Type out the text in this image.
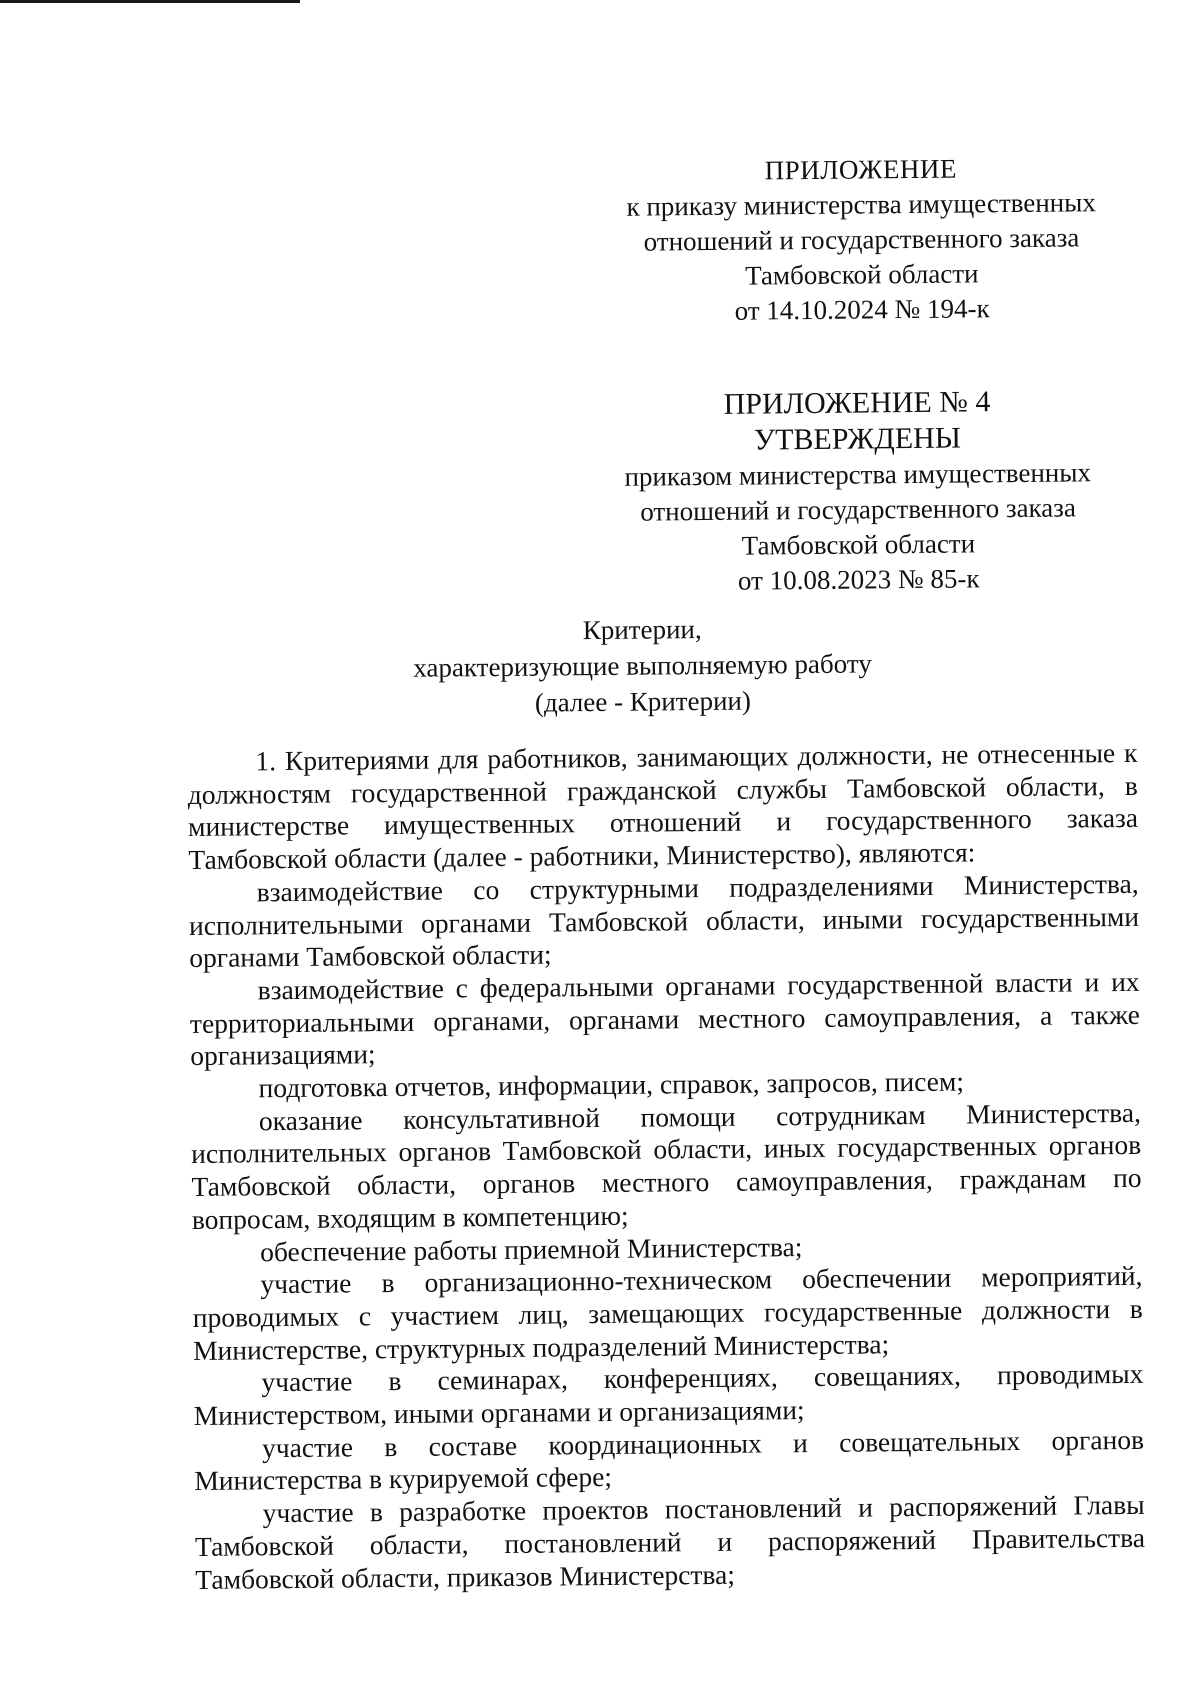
ПРИЛОЖЕНИЕ
к приказу министерства имущественных
отношений и государственного заказа
Тамбовской области
от 14.10.2024 № 194-к
ПРИЛОЖЕНИЕ № 4
УТВЕРЖДЕНЫ
приказом министерства имущественных
отношений и государственного заказа
Тамбовской области
от 10.08.2023 № 85-к
Критерии,
характеризующие выполняемую работу
(далее - Критерии)

1. Критериями для работников, занимающих должности, не отнесенные к должностям государственной гражданской службы Тамбовской области, в министерстве имущественных отношений и государственного заказа Тамбовской области (далее - работники, Министерство), являются:

взаимодействие со структурными подразделениями Министерства, исполнительными органами Тамбовской области, иными государственными органами Тамбовской области;

взаимодействие с федеральными органами государственной власти и их территориальными органами, органами местного самоуправления, а также организациями;

подготовка отчетов, информации, справок, запросов, писем;

оказание консультативной помощи сотрудникам Министерства, исполнительных органов Тамбовской области, иных государственных органов Тамбовской области, органов местного самоуправления, гражданам по вопросам, входящим в компетенцию;

обеспечение работы приемной Министерства;

участие в организационно-техническом обеспечении мероприятий, проводимых с участием лиц, замещающих государственные должности в Министерстве, структурных подразделений Министерства;

участие в семинарах, конференциях, совещаниях, проводимых Министерством, иными органами и организациями;

участие в составе координационных и совещательных органов Министерства в курируемой сфере;

участие в разработке проектов постановлений и распоряжений Главы Тамбовской области, постановлений и распоряжений Правительства Тамбовской области, приказов Министерства;
